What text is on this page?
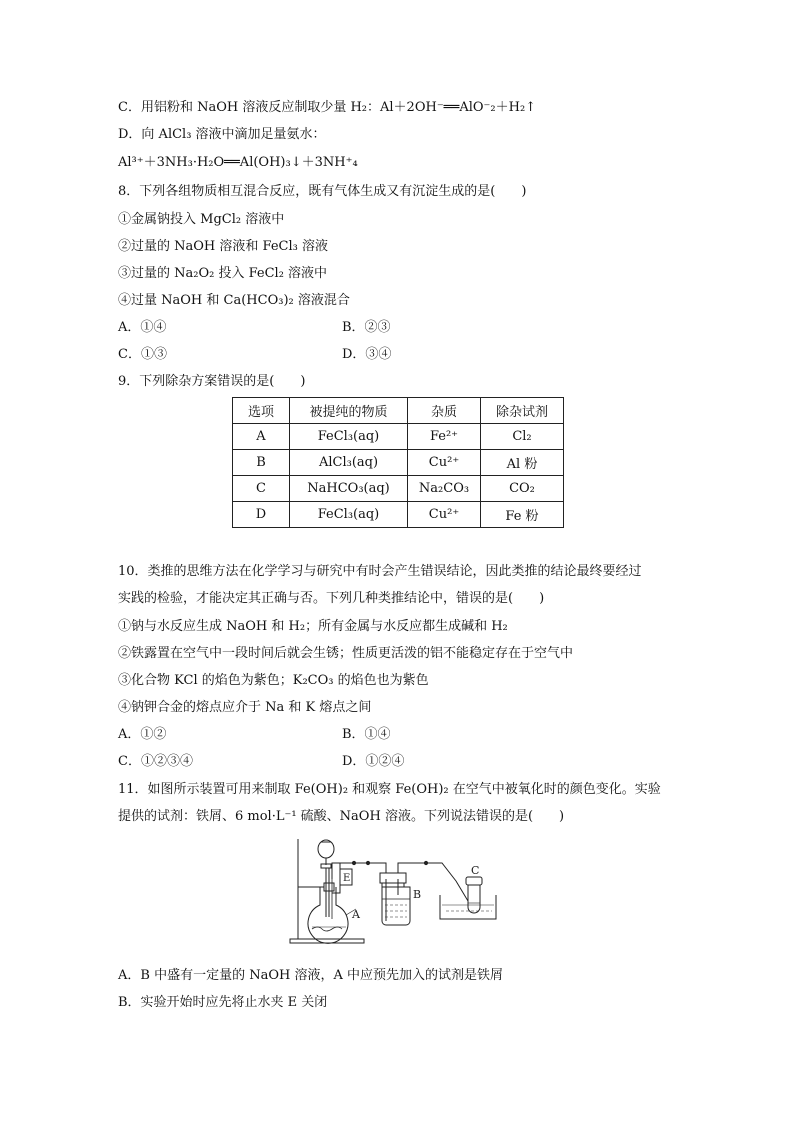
C．用铝粉和 NaOH 溶液反应制取少量 H₂：Al＋2OH⁻══AlO⁻₂＋H₂↑
D．向 AlCl₃ 溶液中滴加足量氨水：
Al³⁺＋3NH₃·H₂O══Al(OH)₃↓＋3NH⁺₄
8．下列各组物质相互混合反应，既有气体生成又有沉淀生成的是(　　)
①金属钠投入 MgCl₂ 溶液中
②过量的 NaOH 溶液和 FeCl₃ 溶液
③过量的 Na₂O₂ 投入 FeCl₂ 溶液中
④过量 NaOH 和 Ca(HCO₃)₂ 溶液混合
A．①④	B．②③
C．①③	D．③④
9．下列除杂方案错误的是(　　)
选项	被提纯的物质	杂质	除杂试剂
A	FeCl₃(aq)	Fe²⁺	Cl₂
B	AlCl₃(aq)	Cu²⁺	Al 粉
C	NaHCO₃(aq)	Na₂CO₃	CO₂
D	FeCl₃(aq)	Cu²⁺	Fe 粉
10．类推的思维方法在化学学习与研究中有时会产生错误结论，因此类推的结论最终要经过
实践的检验，才能决定其正确与否。下列几种类推结论中，错误的是(　　)
①钠与水反应生成 NaOH 和 H₂；所有金属与水反应都生成碱和 H₂
②铁露置在空气中一段时间后就会生锈；性质更活泼的铝不能稳定存在于空气中
③化合物 KCl 的焰色为紫色；K₂CO₃ 的焰色也为紫色
④钠钾合金的熔点应介于 Na 和 K 熔点之间
A．①②	B．①④
C．①②③④	D．①②④
11．如图所示装置可用来制取 Fe(OH)₂ 和观察 Fe(OH)₂ 在空气中被氧化时的颜色变化。实验
提供的试剂：铁屑、6 mol·L⁻¹ 硫酸、NaOH 溶液。下列说法错误的是(　　)
A
B
C
E
A．B 中盛有一定量的 NaOH 溶液，A 中应预先加入的试剂是铁屑
B．实验开始时应先将止水夹 E 关闭
